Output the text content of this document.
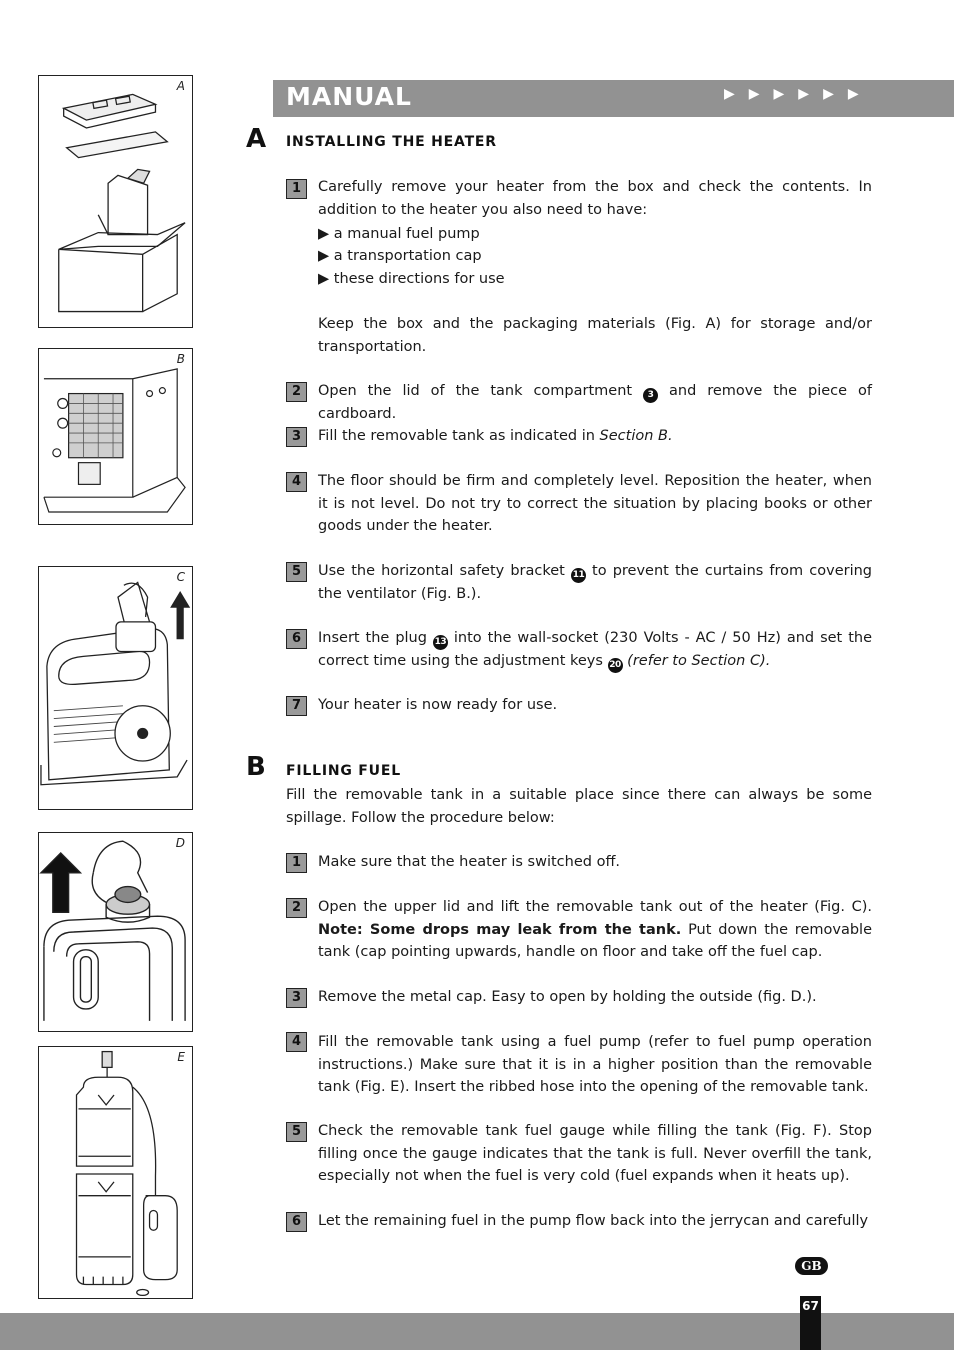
A
B
C
D
E
MANUAL	▶▶▶▶▶▶
A INSTALLING THE HEATER
1	Carefully remove your heater from the box and check the contents. In addition to the heater you also need to have:
▶ a manual fuel pump
▶ a transportation cap
▶ these directions for use
Keep the box and the packaging materials (Fig. A) for storage and/or transportation.
2	Open the lid of the tank compartment 3 and remove the piece of cardboard.
3	Fill the removable tank as indicated in Section B.
4	The floor should be firm and completely level. Reposition the heater, when it is not level. Do not try to correct the situation by placing books or other goods under the heater.
5	Use the horizontal safety bracket 11 to prevent the curtains from covering the ventilator (Fig. B.).
6	Insert the plug 13 into the wall-socket (230 Volts - AC / 50 Hz) and set the correct time using the adjustment keys 20 (refer to Section C).
7	Your heater is now ready for use.
B FILLING FUEL
Fill the removable tank in a suitable place since there can always be some spillage. Follow the procedure below:
1	Make sure that the heater is switched off.
2	Open the upper lid and lift the removable tank out of the heater (Fig. C). Note: Some drops may leak from the tank. Put down the removable tank (cap pointing upwards, handle on floor and take off the fuel cap.
3	Remove the metal cap. Easy to open by holding the outside (fig. D.).
4	Fill the removable tank using a fuel pump (refer to fuel pump operation instructions.) Make sure that it is in a higher position than the removable tank (Fig. E). Insert the ribbed hose into the opening of the removable tank.
5	Check the removable tank fuel gauge while filling the tank (Fig. F). Stop filling once the gauge indicates that the tank is full. Never overfill the tank, especially not when the fuel is very cold (fuel expands when it heats up).
6	Let the remaining fuel in the pump flow back into the jerrycan and carefully
GB
67
